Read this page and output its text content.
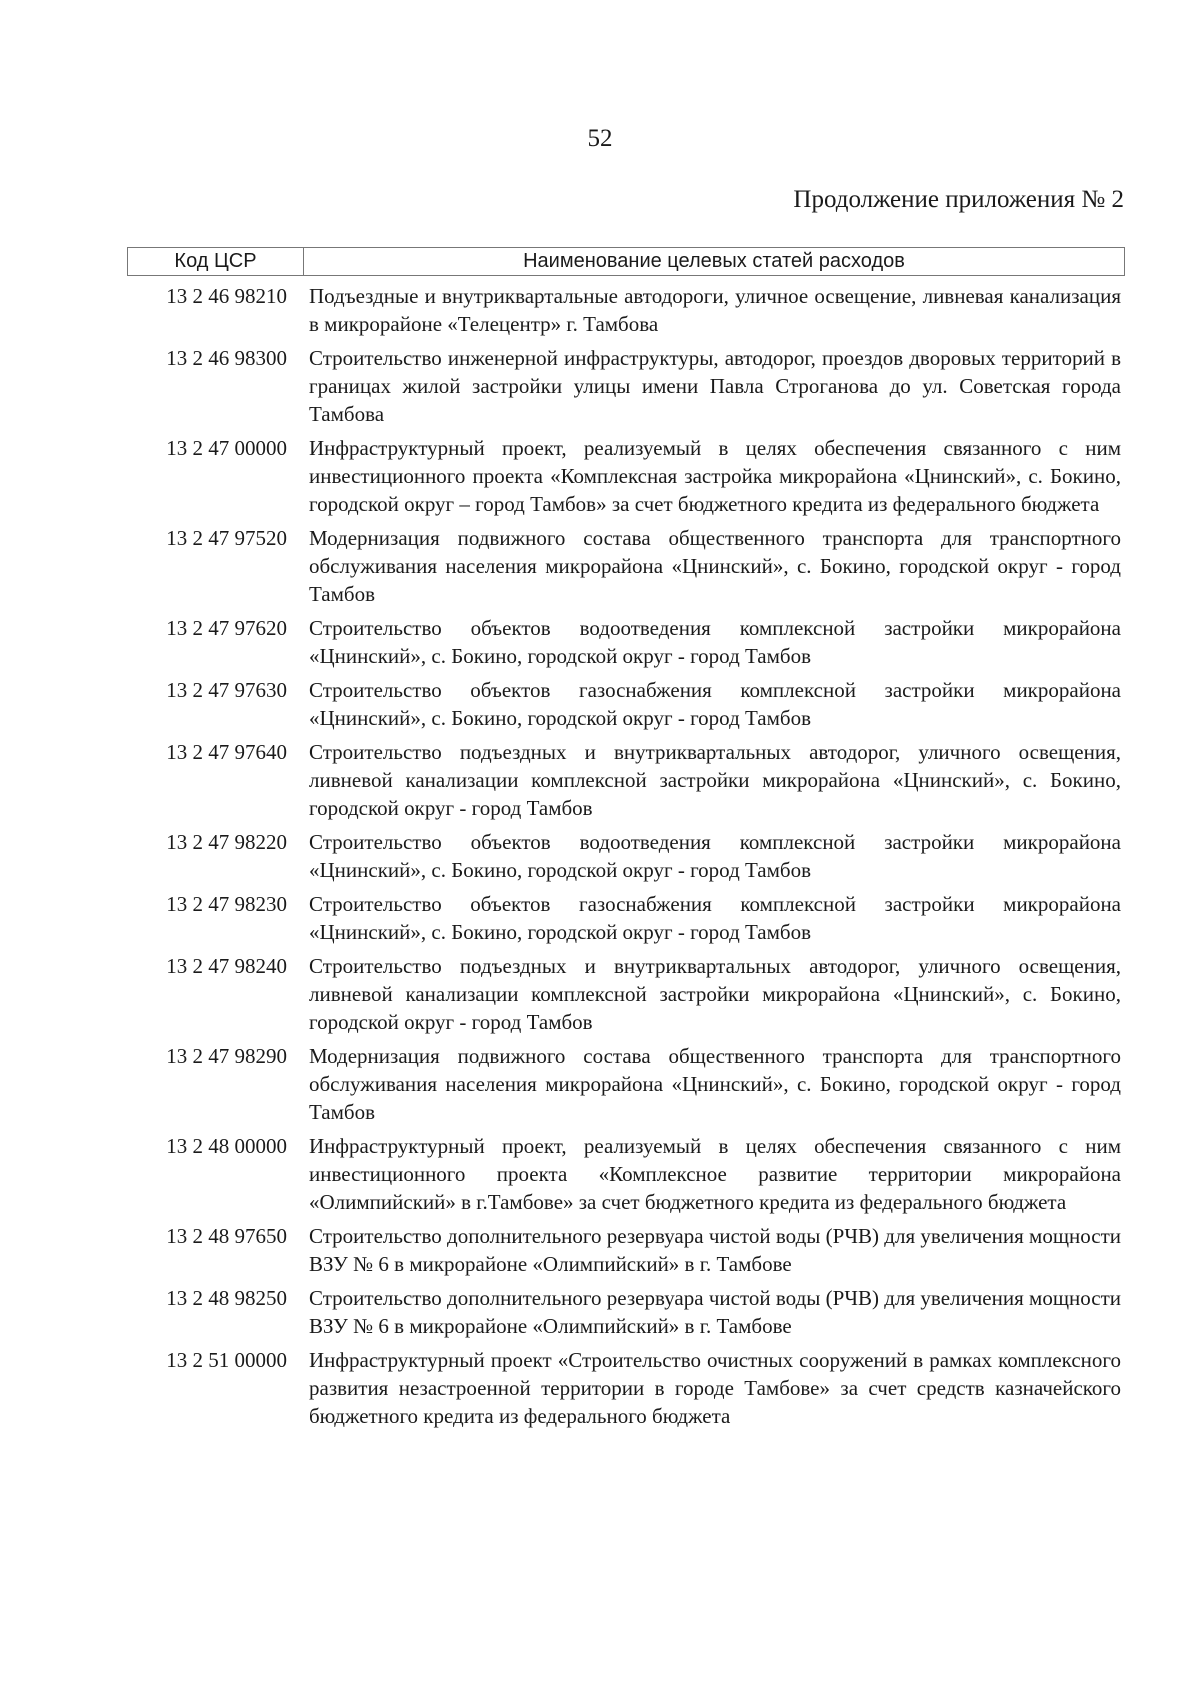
52
Продолжение приложения № 2
Код ЦСР	Наименование целевых статей расходов
13 2 46 98210	Подъездные и внутриквартальные автодороги, уличное освещение, ливневая канализация в микрорайоне «Телецентр» г. Тамбова
13 2 46 98300	Строительство инженерной инфраструктуры, автодорог, проездов дворовых территорий в границах жилой застройки улицы имени Павла Строганова до ул. Советская города Тамбова
13 2 47 00000	Инфраструктурный проект, реализуемый в целях обеспечения связанного с ним инвестиционного проекта «Комплексная застройка микрорайона «Цнинский», с. Бокино, городской округ – город Тамбов» за счет бюджетного кредита из федерального бюджета
13 2 47 97520	Модернизация подвижного состава общественного транспорта для транспортного обслуживания населения микрорайона «Цнинский», с. Бокино, городской округ - город Тамбов
13 2 47 97620	Строительство объектов водоотведения комплексной застройки микрорайона «Цнинский», с. Бокино, городской округ - город Тамбов
13 2 47 97630	Строительство объектов газоснабжения комплексной застройки микрорайона «Цнинский», с. Бокино, городской округ - город Тамбов
13 2 47 97640	Строительство подъездных и внутриквартальных автодорог, уличного освещения, ливневой канализации комплексной застройки микрорайона «Цнинский», с. Бокино, городской округ - город Тамбов
13 2 47 98220	Строительство объектов водоотведения комплексной застройки микрорайона «Цнинский», с. Бокино, городской округ - город Тамбов
13 2 47 98230	Строительство объектов газоснабжения комплексной застройки микрорайона «Цнинский», с. Бокино, городской округ - город Тамбов
13 2 47 98240	Строительство подъездных и внутриквартальных автодорог, уличного освещения, ливневой канализации комплексной застройки микрорайона «Цнинский», с. Бокино, городской округ - город Тамбов
13 2 47 98290	Модернизация подвижного состава общественного транспорта для транспортного обслуживания населения микрорайона «Цнинский», с. Бокино, городской округ - город Тамбов
13 2 48 00000	Инфраструктурный проект, реализуемый в целях обеспечения связанного с ним инвестиционного проекта «Комплексное развитие территории микрорайона «Олимпийский» в г.Тамбове» за счет бюджетного кредита из федерального бюджета
13 2 48 97650	Строительство дополнительного резервуара чистой воды (РЧВ) для увеличения мощности ВЗУ № 6 в микрорайоне «Олимпийский» в г. Тамбове
13 2 48 98250	Строительство дополнительного резервуара чистой воды (РЧВ) для увеличения мощности ВЗУ № 6 в микрорайоне «Олимпийский» в г. Тамбове
13 2 51 00000	Инфраструктурный проект «Строительство очистных сооружений в рамках комплексного развития незастроенной территории в городе Тамбове» за счет средств казначейского бюджетного кредита из федерального бюджета
